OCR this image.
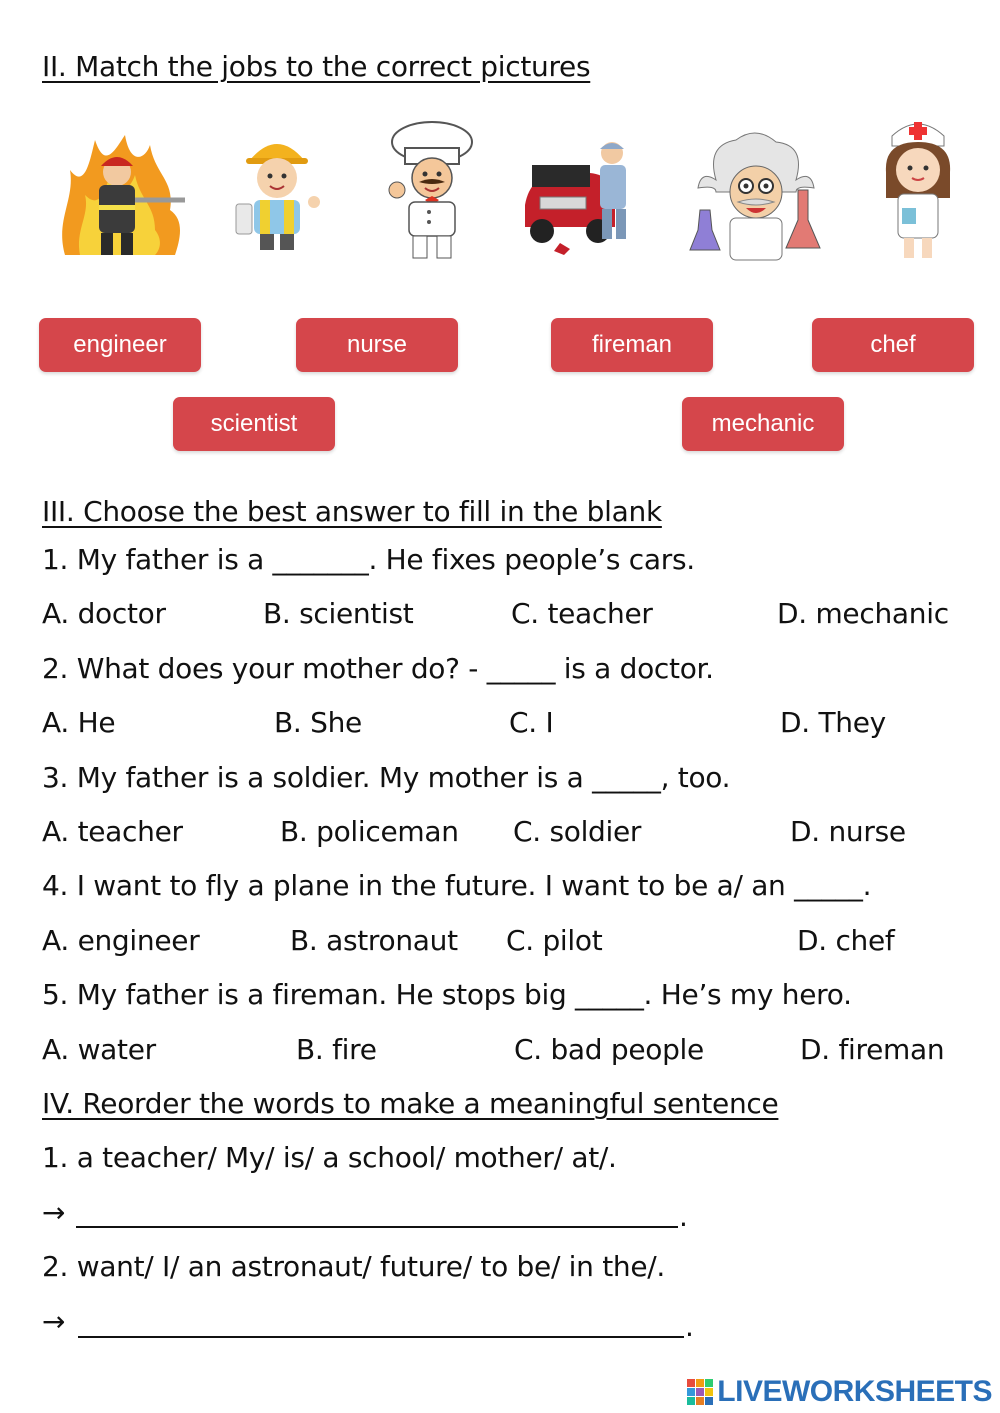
II. Match the jobs to the correct pictures
engineer	nurse	fireman	chef
scientist	mechanic
III. Choose the best answer to fill in the blank
1. My father is a _______. He fixes people’s cars.
A. doctor	B. scientist	C. teacher	D. mechanic
2. What does your mother do? - _____ is a doctor.
A. He	B. She	C. I	D. They
3. My father is a soldier. My mother is a _____, too.
A. teacher	B. policeman C. soldier	D. nurse
4. I want to fly a plane in the future. I want to be a/ an _____.
A. engineer	B. astronaut C. pilot	D. chef
5. My father is a fireman. He stops big _____. He’s my hero.
A. water	B. fire	C. bad people	D. fireman
IV. Reorder the words to make a meaningful sentence
1. a teacher/ My/ is/ a school/ mother/ at/.
→	.
2. want/ I/ an astronaut/ future/ to be/ in the/.
→	.
LIVEWORKSHEETS
